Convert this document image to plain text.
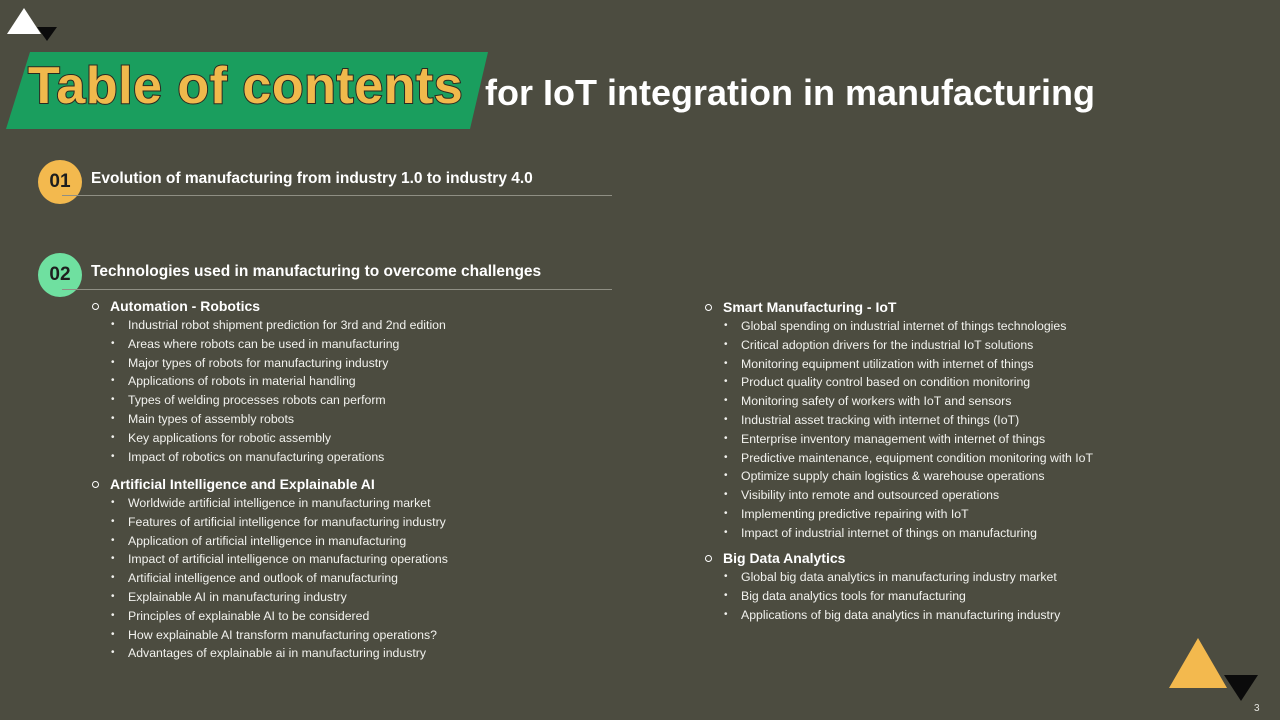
Table of contents for IoT integration in manufacturing
01	Evolution of manufacturing from industry 1.0 to industry 4.0
02	Technologies used in manufacturing to overcome challenges
Automation - Robotics
• Industrial robot shipment prediction for 3rd and 2nd edition
• Areas where robots can be used in manufacturing
• Major types of robots for manufacturing industry
• Applications of robots in material handling
• Types of welding processes robots can perform
• Main types of assembly robots
• Key applications for robotic assembly
• Impact of robotics on manufacturing operations
Artificial Intelligence and Explainable AI
• Worldwide artificial intelligence in manufacturing market
• Features of artificial intelligence for manufacturing industry
• Application of artificial intelligence in manufacturing
• Impact of artificial intelligence on manufacturing operations
• Artificial intelligence and outlook of manufacturing
• Explainable AI in manufacturing industry
• Principles of explainable AI to be considered
• How explainable AI transform manufacturing operations?
• Advantages of explainable ai in manufacturing industry
Smart Manufacturing - IoT
• Global spending on industrial internet of things technologies
• Critical adoption drivers for the industrial IoT solutions
• Monitoring equipment utilization with internet of things
• Product quality control based on condition monitoring
• Monitoring safety of workers with IoT and sensors
• Industrial asset tracking with internet of things (IoT)
• Enterprise inventory management with internet of things
• Predictive maintenance, equipment condition monitoring with IoT
• Optimize supply chain logistics & warehouse operations
• Visibility into remote and outsourced operations
• Implementing predictive repairing with IoT
• Impact of industrial internet of things on manufacturing
Big Data Analytics
• Global big data analytics in manufacturing industry market
• Big data analytics tools for manufacturing
• Applications of big data analytics in manufacturing industry
3
